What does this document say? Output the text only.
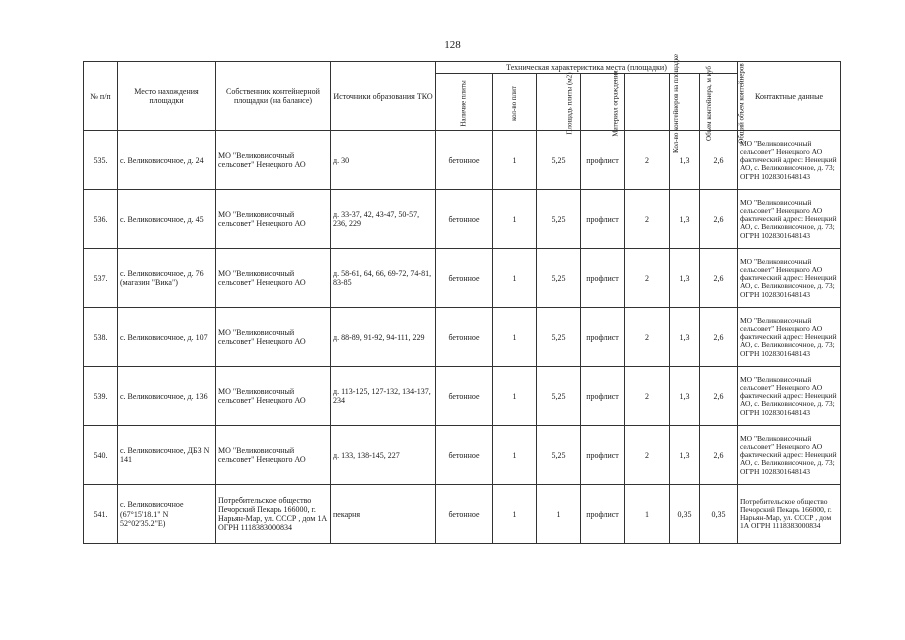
128
№ п/п	Место нахождения площадки	Собственник контейнерной площадки (на балансе)	Источники образования ТКО	Техническая характеристика места (площадки)							Контактные данные
				Наличие плиты	кол-во плит	Площадь плиты (м2)	Материал ограждения	Кол-во контейнеров на площадке	Объем контейнера, м куб	Общий объем контейнеров	
535.	с. Великовисочное, д. 24	МО "Великовисочный сельсовет" Ненецкого АО	д. 30	бетонное	1	5,25	профлист	2	1,3	2,6	МО "Великовисочный сельсовет" Ненецкого АО фактический адрес: Ненецкий АО, с. Великовисочное, д. 73; ОГРН 1028301648143
536.	с. Великовисочное, д. 45	МО "Великовисочный сельсовет" Ненецкого АО	д. 33-37, 42, 43-47, 50-57, 236, 229	бетонное	1	5,25	профлист	2	1,3	2,6	МО "Великовисочный сельсовет" Ненецкого АО фактический адрес: Ненецкий АО, с. Великовисочное, д. 73; ОГРН 1028301648143
537.	с. Великовисочное, д. 76 (магазин "Вика")	МО "Великовисочный сельсовет" Ненецкого АО	д. 58-61, 64, 66, 69-72, 74-81, 83-85	бетонное	1	5,25	профлист	2	1,3	2,6	МО "Великовисочный сельсовет" Ненецкого АО фактический адрес: Ненецкий АО, с. Великовисочное, д. 73; ОГРН 1028301648143
538.	с. Великовисочное, д. 107	МО "Великовисочный сельсовет" Ненецкого АО	д. 88-89, 91-92, 94-111, 229	бетонное	1	5,25	профлист	2	1,3	2,6	МО "Великовисочный сельсовет" Ненецкого АО фактический адрес: Ненецкий АО, с. Великовисочное, д. 73; ОГРН 1028301648143
539.	с. Великовисочное, д. 136	МО "Великовисочный сельсовет" Ненецкого АО	д. 113-125, 127-132, 134-137, 234	бетонное	1	5,25	профлист	2	1,3	2,6	МО "Великовисочный сельсовет" Ненецкого АО фактический адрес: Ненецкий АО, с. Великовисочное, д. 73; ОГРН 1028301648143
540.	с. Великовисочное, ДБЗ N 141	МО "Великовисочный сельсовет" Ненецкого АО	д. 133, 138-145, 227	бетонное	1	5,25	профлист	2	1,3	2,6	МО "Великовисочный сельсовет" Ненецкого АО фактический адрес: Ненецкий АО, с. Великовисочное, д. 73; ОГРН 1028301648143
541.	с. Великовисочное (67°15'18.1" N 52°02'35.2"E)	Потребительское общество Печорский Пекарь 166000, г. Нарьян-Мар, ул. СССР , дом 1А ОГРН 1118383000834	пекарня	бетонное	1	1	профлист	1	0,35	0,35	Потребительское общество Печорский Пекарь 166000, г. Нарьян-Мар, ул. СССР , дом 1А ОГРН 1118383000834
